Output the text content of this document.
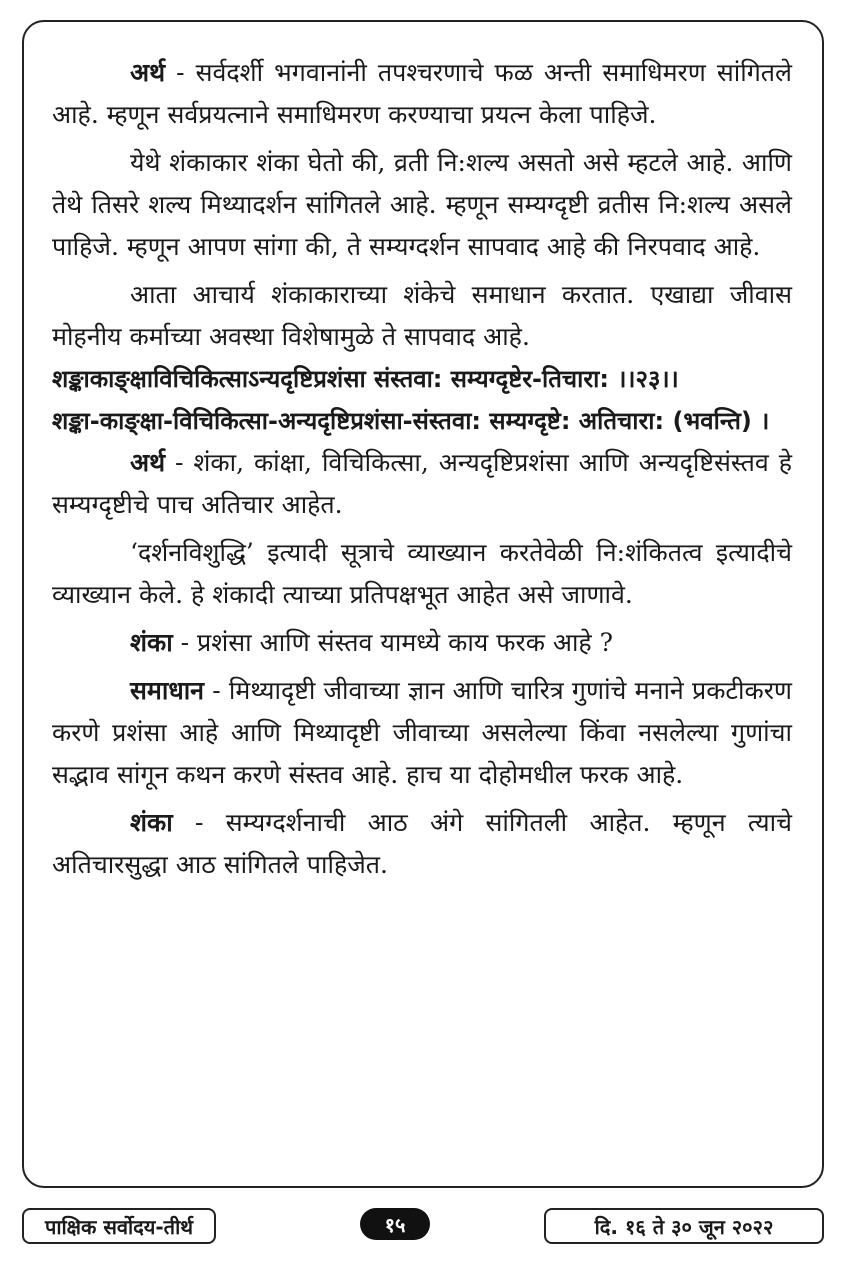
अर्थ - सर्वदर्शी भगवानांनी तपश्चरणाचे फळ अन्ती समाधिमरण सांगितले आहे. म्हणून सर्वप्रयत्नाने समाधिमरण करण्याचा प्रयत्न केला पाहिजे.

येथे शंकाकार शंका घेतो की, व्रती नि:शल्य असतो असे म्हटले आहे. आणि तेथे तिसरे शल्य मिथ्यादर्शन सांगितले आहे. म्हणून सम्यग्दृष्टी व्रतीस नि:शल्य असले पाहिजे. म्हणून आपण सांगा की, ते सम्यग्दर्शन सापवाद आहे की निरपवाद आहे.

आता आचार्य शंकाकाराच्या शंकेचे समाधान करतात. एखाद्या जीवास मोहनीय कर्माच्या अवस्था विशेषामुळे ते सापवाद आहे.

शङ्काकाङ्क्षाविचिकित्साऽन्यदृष्टिप्रशंसा संस्तवा: सम्यग्दृष्टेर-तिचारा: ।।२३।।

शङ्का-काङ्क्षा-विचिकित्सा-अन्यदृष्टिप्रशंसा-संस्तवा: सम्यग्दृष्टे: अतिचारा: (भवन्ति) ।

अर्थ - शंका, कांक्षा, विचिकित्सा, अन्यदृष्टिप्रशंसा आणि अन्यदृष्टिसंस्तव हे सम्यग्दृष्टीचे पाच अतिचार आहेत.

‘दर्शनविशुद्धि’ इत्यादी सूत्राचे व्याख्यान करतेवेळी नि:शंकितत्व इत्यादीचे व्याख्यान केले. हे शंकादी त्याच्या प्रतिपक्षभूत आहेत असे जाणावे.

शंका - प्रशंसा आणि संस्तव यामध्ये काय फरक आहे ?

समाधान - मिथ्यादृष्टी जीवाच्या ज्ञान आणि चारित्र गुणांचे मनाने प्रकटीकरण करणे प्रशंसा आहे आणि मिथ्यादृष्टी जीवाच्या असलेल्या किंवा नसलेल्या गुणांचा सद्भाव सांगून कथन करणे संस्तव आहे. हाच या दोहोमधील फरक आहे.

शंका - सम्यग्दर्शनाची आठ अंगे सांगितली आहेत. म्हणून त्याचे अतिचारसुद्धा आठ सांगितले पाहिजेत.

पाक्षिक सर्वोदय-तीर्थ	१५	दि. १६ ते ३० जून २०२२
